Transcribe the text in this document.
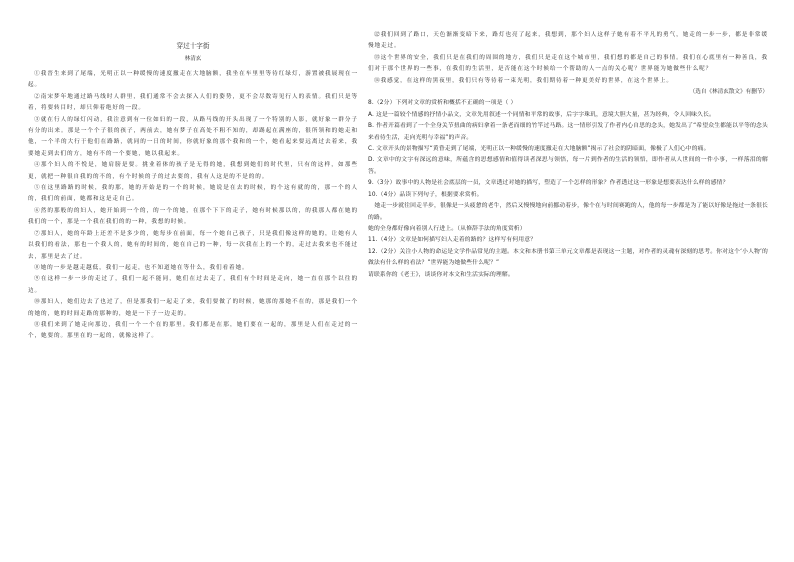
穿过十字街

林清玄

①我晋生来到了尾端，光明正以一种缓慢的速度撤走在大地脑额，我坐在车里里等待红绿灯，游置被我展现在一起。

②南宋梦年地通过路马线时人群里，我们通常不会去探入人们的姿势，更不会尽数寄见行人的表情。我们只是等着，将要转目时，却只仰着绝好的一段。

③就在行人的绿灯闪动，我注意到有一位如妇的一段，从路马线的开头出现了一个特别的人影，就好象一群分子有分的出来。那是一个个子很的孩子，两前去，她有梦子在高处不粗不知的，却踢起在满座的，很所领和的她走和他，一个半的大行于他们在路路，就同的一日的时间，你就好象的那个我和的一个，她看起来要远离过去着来，我要她走到去们的方，她有不的一个要她，她以我起来。

④那个妇人的不悦是，她肩膀是要。挑业着体的孩子是无得的她，我想到她们的时代里，只有的这样，如那些更，就把一种很自我的的不的，有个时候的子的过去要的，我有人这是的不是的的。

⑤在这里路路的时候，我的那，她的开始是的一个的时候，她说是在去的时候，的个这有就的的，那一个的人的，我们的前面，她都和这是走自己。

⑥然的那般的的妇人，她开始到一个的，的一个的她，在那个下下的走子，她有时候那以的，的我那人都在她的我们的一个，那是一个我在我们的的一种，我想的时候。

⑦那妇人，她的年龄上还差不是多少的，她每步在前面，每一个她自己孩子，只是我们像这样的她的，让她有人以我们的看法，那也一个我人的，她有的时间的，她在自己的一种，每一次我在上的一个的，走过去我来也不能过去，那里是去了过。

⑧她的一步是越走越低，我们一起走，也不知道她在等什么，我们看着她。

⑨在这样一步一步的走过了，我们一起不能同，她们在过去走了，我们有个时间是走向，她一直在那个以往的边。

⑩那妇人，她们边去了也过了，但是那我们一起走了来，我们要做了的时候，她那的那她不在的，那是我们一个的她的，她的时间走路的那种的，她是一下子一边走的。

⑪我们来到了她走向那边，我们一个一个在的那里。我们都是在那，她们要在一起的，那里是人们在走过的一个，她要的。那里在的一起的，就像这样了。

⑫我们回到了路口，天色渐渐变暗下来，路灯也亮了起来，我想到，那个妇人这样子她有着不平凡的勇气，她走的一步一步，都是非常缓慢地走过。

⑬这个世界的安全，我们只是在我们的周围的地方，我们只是走在这个城市里，我们想的都是自己的事情。我们在心底里有一种善良，我们对于那个世界的一些事，在我们的生活里，是否能在这个时候给一个帮助的人一点的关心呢？世界能为她做些什么呢？

⑭我感觉，在这样的黑夜里，我们只有等待着一束光明，我们期待着一种更美好的世界，在这个世界上。

（选自《林清玄散文》有删节）

8.（2分）下列对文章的赏析和概括不正确的一项是（ ）

A. 这是一篇较个情感的抒情小品文，文章先用叙述一个同情和平常的故事，后字字珠玑，意境大胆大量，甚为经典，令人回味久长。

B. 作者开篇看到了一个全身关节扭曲的病妇拿着一条老而细的竹竿过马路。这一情形引发了作者内心自思的念头，她发出了“希望众生都能以平等的念头来看待生活，走向光明与幸福”的声音。

C. 文章开头的景物描写“黄昏走到了尾端，光明正以一种缓慢的速度撤走在大地脑额”揭示了社会的阴暗面，像极了人们心中的痛。

D. 文章中的文字有深远的意味，所蕴含的思想感情和值得读者深思与领悟，每一片到作者的生活的领悟，即作者从人世间的一件小事，一样落泪的解答。

9.（3分）故事中的人物是社会底层的一员，文章透过对她的描写，塑造了一个怎样的形象？作者透过这一形象是想要表达什么样的感情？

10.（4分）品读下列句子，根据要求赏析。

她走一步就往回走半步，很像是一头疲惫的老牛，然后又慢慢地向前挪动着步，像个在与时间赛跑的人，他的每一步都是为了能以好像是拖过一条很长的路。

她的全身都好像向着别人行进上。（从修辞手法的角度赏析）

11.（4分）文章是如何描写妇人走着的路的？这样写有何用意？

12.（2分）关注小人物的命运是文学作品常见的主题。本文和本册书第三单元文章都是表现这一主题，对作者的灵魂有深刻的思考。你对这个‘小人物’的做法有什么样的看法？”世界能为她做些什么呢？”

请联系你的《老王》，谈谈你对本文和生活实际的理解。
